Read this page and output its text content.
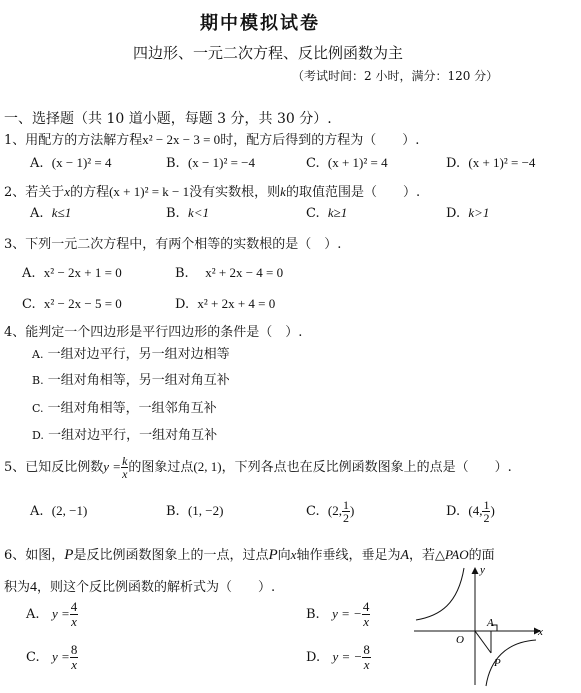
期中模拟试卷
四边形、一元二次方程、反比例函数为主
（考试时间：2 小时，满分：120 分）
一、选择题（共 10 道小题，每题 3 分，共 30 分）.
1、用配方的方法解方程x² − 2x − 3 = 0时，配方后得到的方程为（　　）.
A. (x − 1)² = 4	B. (x − 1)² = −4	C. (x + 1)² = 4	D. (x + 1)² = −4
2、若关于x的方程(x + 1)² = k − 1没有实数根，则k的取值范围是（　　）.
A. k≤1	B. k<1	C. k≥1	D. k>1
3、下列一元二次方程中，有两个相等的实数根的是（　）.
A. x² − 2x + 1 = 0	B. x² + 2x − 4 = 0
C. x² − 2x − 5 = 0	D. x² + 2x + 4 = 0
4、能判定一个四边形是平行四边形的条件是（　）.
A. 一组对边平行，另一组对边相等
B. 一组对角相等，另一组对角互补
C. 一组对角相等，一组邻角互补
D. 一组对边平行，一组对角互补
5、已知反比例数$y = \frac{k}{x}$ 的图象过点(2, 1)，下列各点也在反比例函数图象上的点是（　　）.
A. (2, −1)	B. (1, −2)	C. (2, $\frac{1}{2}$ )	D. (4, $\frac{1}{2}$ )
6、如图，P是反比例函数图象上的一点，过点P向x轴作垂线，垂足为A，若△PAO的面
积为4，则这个反比例函数的解析式为（　　）.
A. $y = \frac{4}{x}$	B. y = − $\frac{4}{x}$
C. $y = \frac{8}{x}$	D. y = − $\frac{8}{x}$
y
x
O
A
P
